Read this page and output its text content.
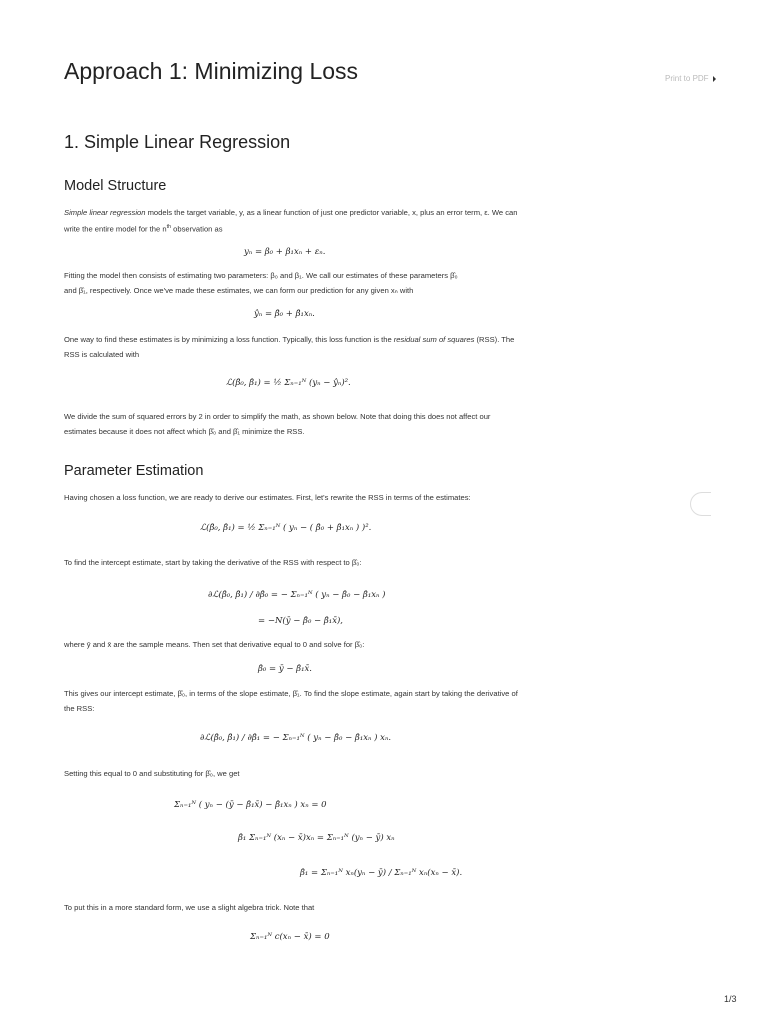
Approach 1: Minimizing Loss	Print to PDF
1. Simple Linear Regression
Model Structure

Simple linear regression models the target variable, y, as a linear function of just one predictor variable, x, plus an error term, ε. We can write the entire model for the $n^{th}$ observation as

yₙ = β₀ + β₁xₙ + εₙ.

Fitting the model then consists of estimating two parameters: β₀ and β₁. We call our estimates of these parameters β̂₀
and β̂₁, respectively. Once we've made these estimates, we can form our prediction for any given xₙ with

ŷₙ = β̂₀ + β̂₁xₙ.

One way to find these estimates is by minimizing a loss function. Typically, this loss function is the residual sum of squares (RSS). The RSS is calculated with

ℒ(β̂₀, β̂₁) = ½ Σₙ₌₁ᴺ (yₙ − ŷₙ)².

We divide the sum of squared errors by 2 in order to simplify the math, as shown below. Note that doing this does not affect our estimates because it does not affect which β̂₀ and β̂₁ minimize the RSS.

Parameter Estimation

Having chosen a loss function, we are ready to derive our estimates. First, let's rewrite the RSS in terms of the estimates:

ℒ(β̂₀, β̂₁) = ½ Σₙ₌₁ᴺ ( yₙ − ( β̂₀ + β̂₁xₙ ) )².

To find the intercept estimate, start by taking the derivative of the RSS with respect to β̂₀:

∂ℒ(β̂₀, β̂₁) / ∂β̂₀ = − Σₙ₌₁ᴺ ( yₙ − β̂₀ − β̂₁xₙ )
= −N(ȳ − β̂₀ − β̂₁x̄),

where ȳ and x̄ are the sample means. Then set that derivative equal to 0 and solve for β̂₀:

β̂₀ = ȳ − β̂₁x̄.

This gives our intercept estimate, β̂₀, in terms of the slope estimate, β̂₁. To find the slope estimate, again start by taking the derivative of the RSS:

∂ℒ(β̂₀, β̂₁) / ∂β̂₁ = − Σₙ₌₁ᴺ ( yₙ − β̂₀ − β̂₁xₙ ) xₙ.

Setting this equal to 0 and substituting for β̂₀, we get

Σₙ₌₁ᴺ ( yₙ − (ȳ − β̂₁x̄) − β̂₁xₙ ) xₙ = 0
β̂₁ Σₙ₌₁ᴺ (xₙ − x̄)xₙ = Σₙ₌₁ᴺ (yₙ − ȳ) xₙ
β̂₁ = Σₙ₌₁ᴺ xₙ(yₙ − ȳ) / Σₙ₌₁ᴺ xₙ(xₙ − x̄).

To put this in a more standard form, we use a slight algebra trick. Note that

Σₙ₌₁ᴺ c(xₙ − x̄) = 0
1/3
